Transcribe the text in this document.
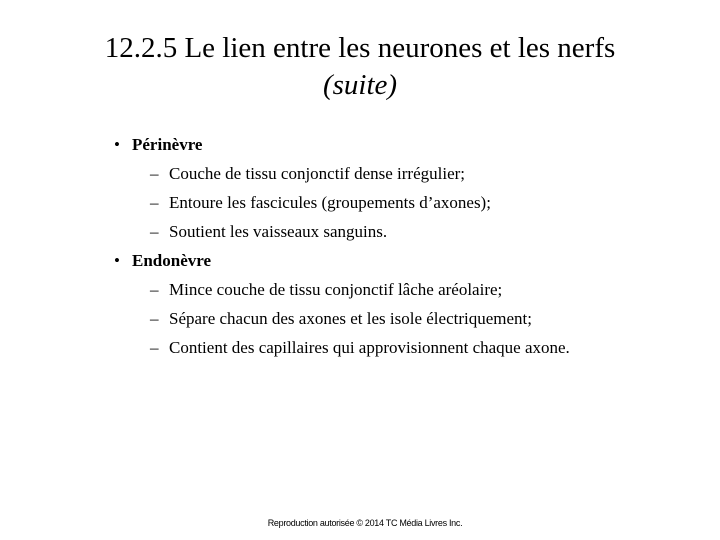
12.2.5 Le lien entre les neurones et les nerfs
(suite)
• Périnèvre
– Couche de tissu conjonctif dense irrégulier;
– Entoure les fascicules (groupements d’axones);
– Soutient les vaisseaux sanguins.
• Endonèvre
– Mince couche de tissu conjonctif lâche aréolaire;
– Sépare chacun des axones et les isole électriquement;
– Contient des capillaires qui approvisionnent chaque axone.
Reproduction autorisée © 2014 TC Média Livres Inc.
